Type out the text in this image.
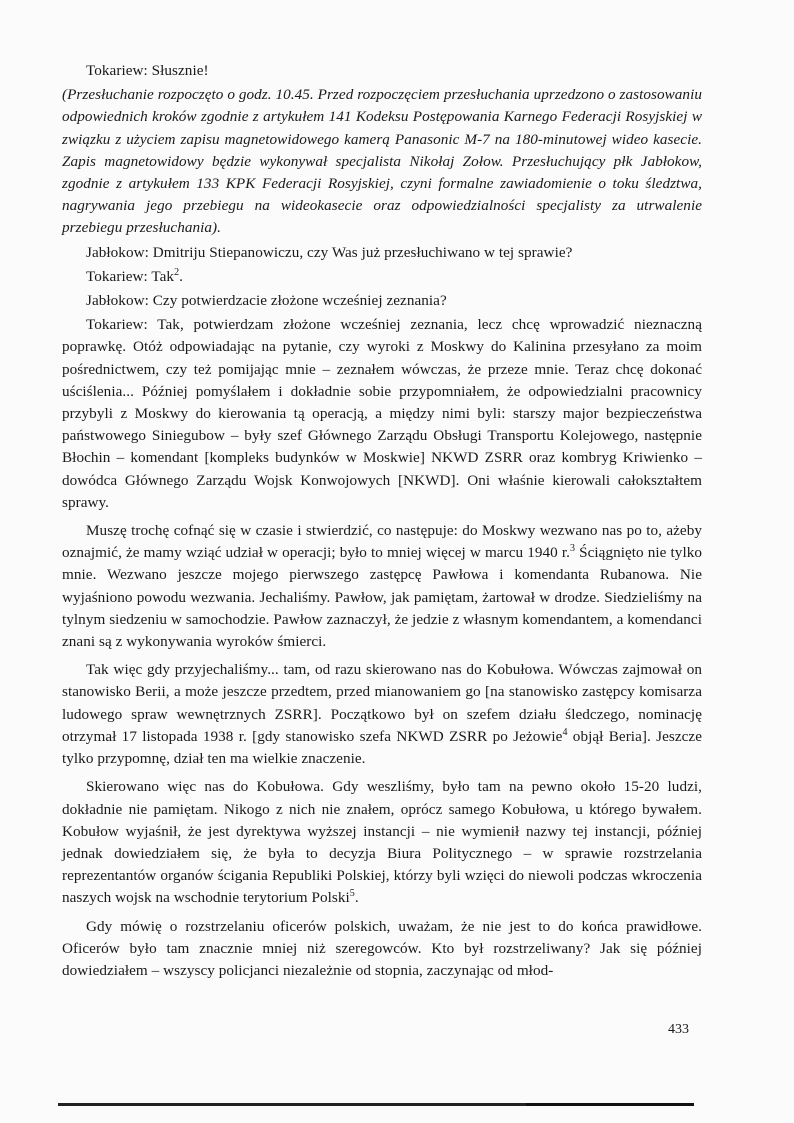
Tokariew: Słusznie!

(Przesłuchanie rozpoczęto o godz. 10.45. Przed rozpoczęciem przesłuchania uprzedzono o zastosowaniu odpowiednich kroków zgodnie z artykułem 141 Kodeksu Postępowania Karnego Federacji Rosyjskiej w związku z użyciem zapisu magnetowidowego kamerą Panasonic M-7 na 180-minutowej wideo kasecie. Zapis magnetowidowy będzie wykonywał specjalista Nikołaj Zołow. Przesłuchujący płk Jabłokow, zgodnie z artykułem 133 KPK Federacji Rosyjskiej, czyni formalne zawiadomienie o toku śledztwa, nagrywania jego przebiegu na wideokasecie oraz odpowiedzialności specjalisty za utrwalenie przebiegu przesłuchania).

Jabłokow: Dmitriju Stiepanowiczu, czy Was już przesłuchiwano w tej sprawie?

Tokariew: Tak$^2$.

Jabłokow: Czy potwierdzacie złożone wcześniej zeznania?

Tokariew: Tak, potwierdzam złożone wcześniej zeznania, lecz chcę wprowadzić nieznaczną poprawkę. Otóż odpowiadając na pytanie, czy wyroki z Moskwy do Kalinina przesyłano za moim pośrednictwem, czy też pomijając mnie – zeznałem wówczas, że przeze mnie. Teraz chcę dokonać uściślenia... Później pomyślałem i dokładnie sobie przypomniałem, że odpowiedzialni pracownicy przybyli z Moskwy do kierowania tą operacją, a między nimi byli: starszy major bezpieczeństwa państwowego Siniegubow – były szef Głównego Zarządu Obsługi Transportu Kolejowego, następnie Błochin – komendant [kompleks budynków w Moskwie] NKWD ZSRR oraz kombryg Kriwienko – dowódca Głównego Zarządu Wojsk Konwojowych [NKWD]. Oni właśnie kierowali całokształtem sprawy.

Muszę trochę cofnąć się w czasie i stwierdzić, co następuje: do Moskwy wezwano nas po to, ażeby oznajmić, że mamy wziąć udział w operacji; było to mniej więcej w marcu 1940 r.$^3$ Ściągnięto nie tylko mnie. Wezwano jeszcze mojego pierwszego zastępcę Pawłowa i komendanta Rubanowa. Nie wyjaśniono powodu wezwania. Jechaliśmy. Pawłow, jak pamiętam, żartował w drodze. Siedzieliśmy na tylnym siedzeniu w samochodzie. Pawłow zaznaczył, że jedzie z własnym komendantem, a komendanci znani są z wykonywania wyroków śmierci.

Tak więc gdy przyjechaliśmy... tam, od razu skierowano nas do Kobułowa. Wówczas zajmował on stanowisko Berii, a może jeszcze przedtem, przed mianowaniem go [na stanowisko zastępcy komisarza ludowego spraw wewnętrznych ZSRR]. Początkowo był on szefem działu śledczego, nominację otrzymał 17 listopada 1938 r. [gdy stanowisko szefa NKWD ZSRR po Jeżowie$^4$ objął Beria]. Jeszcze tylko przypomnę, dział ten ma wielkie znaczenie.

Skierowano więc nas do Kobułowa. Gdy weszliśmy, było tam na pewno około 15-20 ludzi, dokładnie nie pamiętam. Nikogo z nich nie znałem, oprócz samego Kobułowa, u którego bywałem. Kobułow wyjaśnił, że jest dyrektywa wyższej instancji – nie wymienił nazwy tej instancji, później jednak dowiedziałem się, że była to decyzja Biura Politycznego – w sprawie rozstrzelania reprezentantów organów ścigania Republiki Polskiej, którzy byli wzięci do niewoli podczas wkroczenia naszych wojsk na wschodnie terytorium Polski$^5$.

Gdy mówię o rozstrzelaniu oficerów polskich, uważam, że nie jest to do końca prawidłowe. Oficerów było tam znacznie mniej niż szeregowców. Kto był rozstrzeliwany? Jak się później dowiedziałem – wszyscy policjanci niezależnie od stopnia, zaczynając od młod-

433
